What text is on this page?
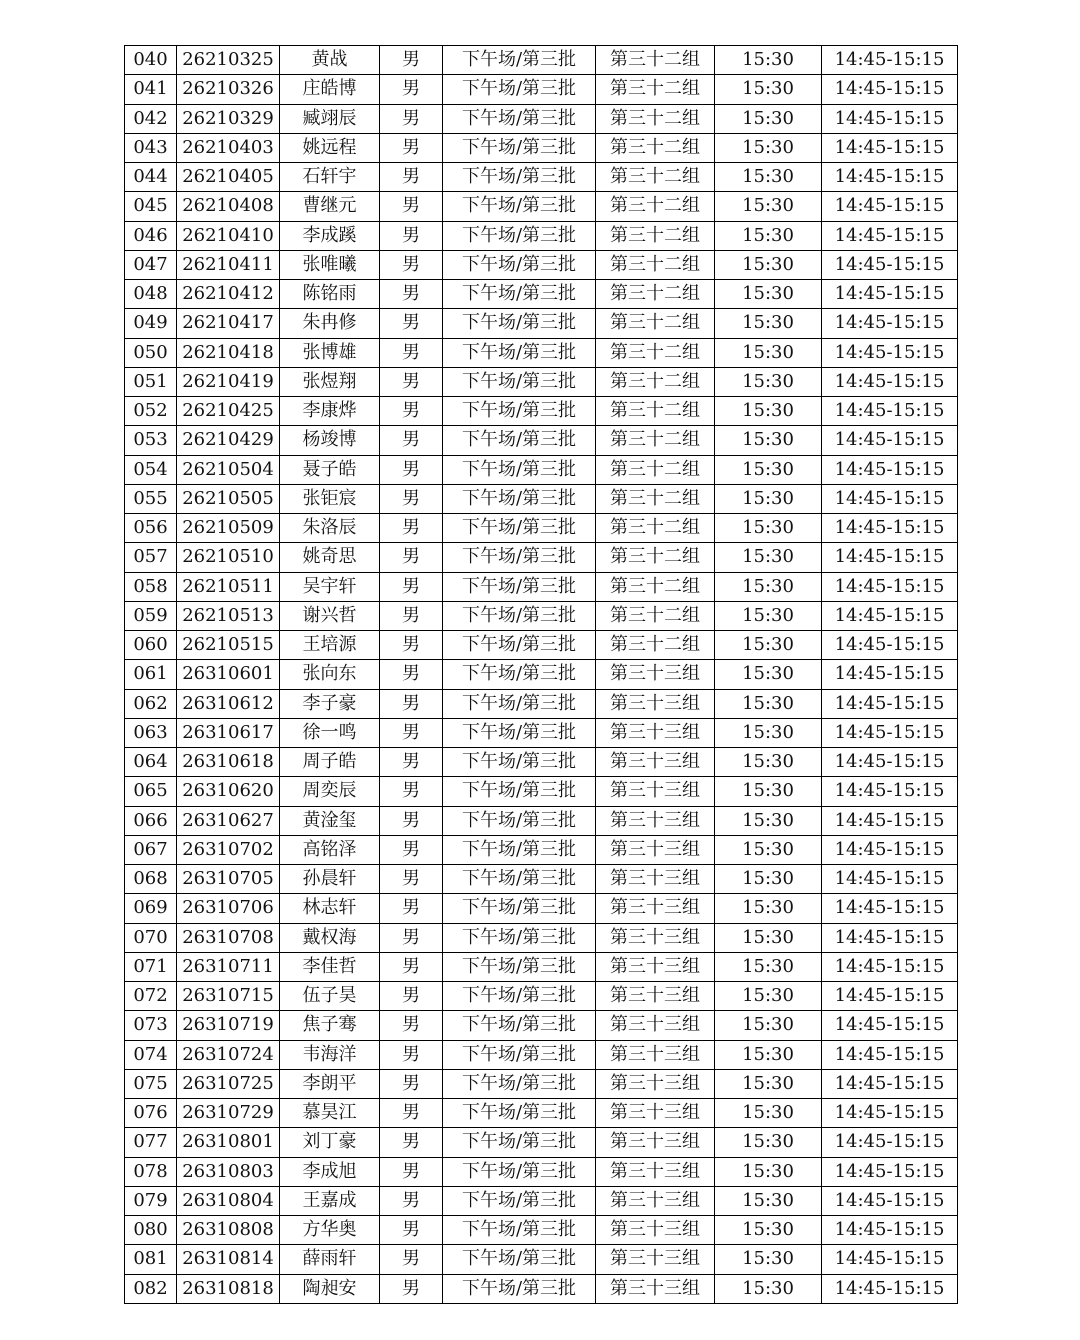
040	26210325	黄战	男	下午场/第三批	第三十二组	15:30	14:45-15:15
041	26210326	庄皓博	男	下午场/第三批	第三十二组	15:30	14:45-15:15
042	26210329	臧翊辰	男	下午场/第三批	第三十二组	15:30	14:45-15:15
043	26210403	姚远程	男	下午场/第三批	第三十二组	15:30	14:45-15:15
044	26210405	石轩宇	男	下午场/第三批	第三十二组	15:30	14:45-15:15
045	26210408	曹继元	男	下午场/第三批	第三十二组	15:30	14:45-15:15
046	26210410	李成蹊	男	下午场/第三批	第三十二组	15:30	14:45-15:15
047	26210411	张唯曦	男	下午场/第三批	第三十二组	15:30	14:45-15:15
048	26210412	陈铭雨	男	下午场/第三批	第三十二组	15:30	14:45-15:15
049	26210417	朱冉修	男	下午场/第三批	第三十二组	15:30	14:45-15:15
050	26210418	张博雄	男	下午场/第三批	第三十二组	15:30	14:45-15:15
051	26210419	张煜翔	男	下午场/第三批	第三十二组	15:30	14:45-15:15
052	26210425	李康烨	男	下午场/第三批	第三十二组	15:30	14:45-15:15
053	26210429	杨竣博	男	下午场/第三批	第三十二组	15:30	14:45-15:15
054	26210504	聂子皓	男	下午场/第三批	第三十二组	15:30	14:45-15:15
055	26210505	张钜宸	男	下午场/第三批	第三十二组	15:30	14:45-15:15
056	26210509	朱洛辰	男	下午场/第三批	第三十二组	15:30	14:45-15:15
057	26210510	姚奇思	男	下午场/第三批	第三十二组	15:30	14:45-15:15
058	26210511	吴宇轩	男	下午场/第三批	第三十二组	15:30	14:45-15:15
059	26210513	谢兴哲	男	下午场/第三批	第三十二组	15:30	14:45-15:15
060	26210515	王培源	男	下午场/第三批	第三十二组	15:30	14:45-15:15
061	26310601	张向东	男	下午场/第三批	第三十三组	15:30	14:45-15:15
062	26310612	李子豪	男	下午场/第三批	第三十三组	15:30	14:45-15:15
063	26310617	徐一鸣	男	下午场/第三批	第三十三组	15:30	14:45-15:15
064	26310618	周子皓	男	下午场/第三批	第三十三组	15:30	14:45-15:15
065	26310620	周奕辰	男	下午场/第三批	第三十三组	15:30	14:45-15:15
066	26310627	黄淦玺	男	下午场/第三批	第三十三组	15:30	14:45-15:15
067	26310702	高铭泽	男	下午场/第三批	第三十三组	15:30	14:45-15:15
068	26310705	孙晨轩	男	下午场/第三批	第三十三组	15:30	14:45-15:15
069	26310706	林志轩	男	下午场/第三批	第三十三组	15:30	14:45-15:15
070	26310708	戴权海	男	下午场/第三批	第三十三组	15:30	14:45-15:15
071	26310711	李佳哲	男	下午场/第三批	第三十三组	15:30	14:45-15:15
072	26310715	伍子昊	男	下午场/第三批	第三十三组	15:30	14:45-15:15
073	26310719	焦子骞	男	下午场/第三批	第三十三组	15:30	14:45-15:15
074	26310724	韦海洋	男	下午场/第三批	第三十三组	15:30	14:45-15:15
075	26310725	李朗平	男	下午场/第三批	第三十三组	15:30	14:45-15:15
076	26310729	慕昊江	男	下午场/第三批	第三十三组	15:30	14:45-15:15
077	26310801	刘丁豪	男	下午场/第三批	第三十三组	15:30	14:45-15:15
078	26310803	李成旭	男	下午场/第三批	第三十三组	15:30	14:45-15:15
079	26310804	王嘉成	男	下午场/第三批	第三十三组	15:30	14:45-15:15
080	26310808	方华奥	男	下午场/第三批	第三十三组	15:30	14:45-15:15
081	26310814	薛雨轩	男	下午场/第三批	第三十三组	15:30	14:45-15:15
082	26310818	陶昶安	男	下午场/第三批	第三十三组	15:30	14:45-15:15
